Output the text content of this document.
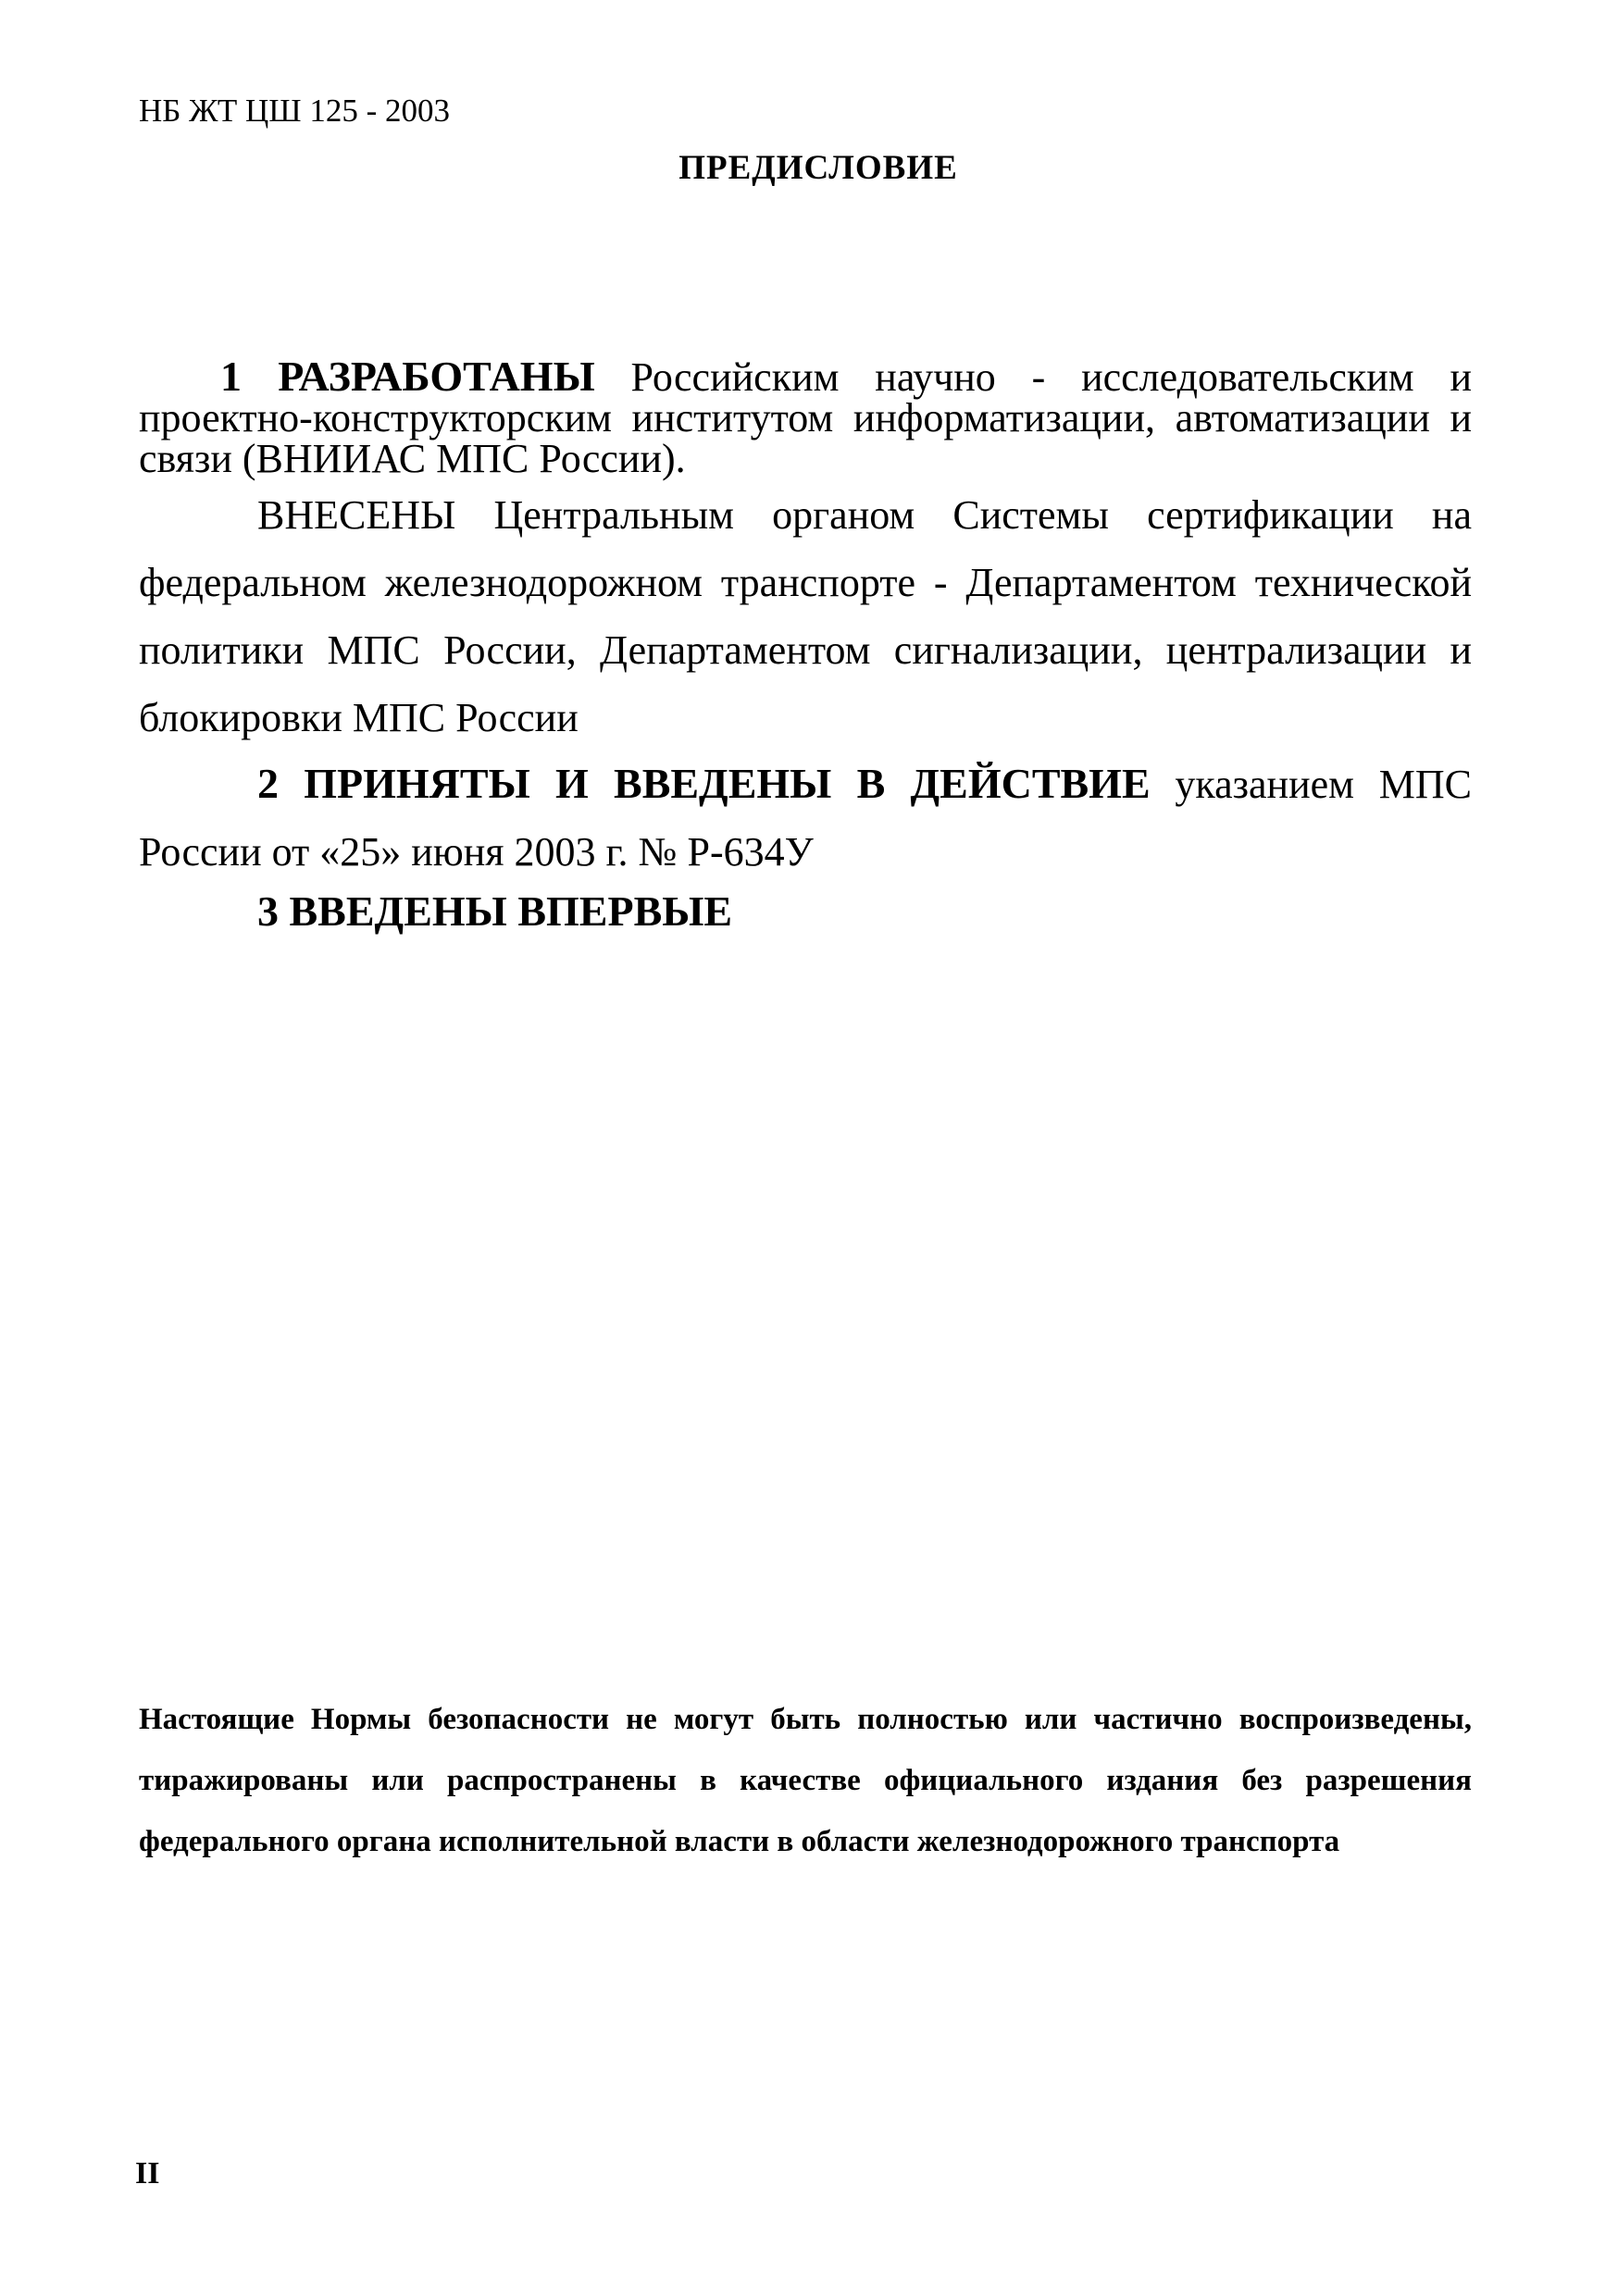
НБ ЖТ ЦШ 125 - 2003
ПРЕДИСЛОВИЕ

1 РАЗРАБОТАНЫ Российским научно - исследовательским и проектно-конструкторским институтом информатизации, автоматизации и связи (ВНИИАС МПС России).

ВНЕСЕНЫ Центральным органом Системы сертификации на федеральном железнодорожном транспорте - Департаментом технической политики МПС России, Департаментом сигнализации, централизации и блокировки МПС России

2 ПРИНЯТЫ И ВВЕДЕНЫ В ДЕЙСТВИЕ указанием МПС России от «25» июня 2003 г. № Р-634У

3 ВВЕДЕНЫ ВПЕРВЫЕ

Настоящие Нормы безопасности не могут быть полностью или частично воспроизведены, тиражированы или распространены в качестве официального издания без разрешения федерального органа исполнительной власти в области железнодорожного транспорта

II
